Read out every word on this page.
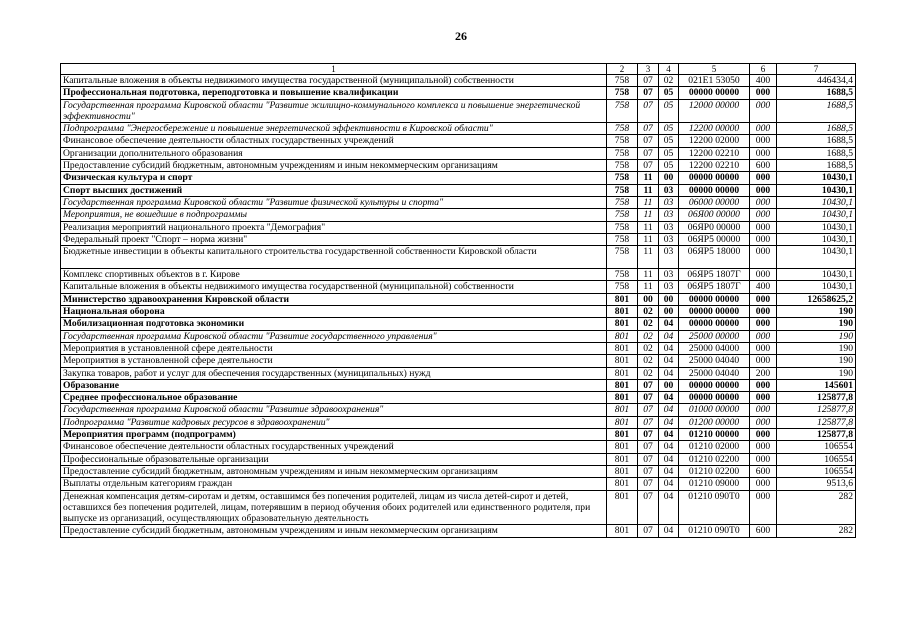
26
1	2	3	4	5	6	7
Капитальные вложения в объекты недвижимого имущества государственной (муниципальной) собственности	758	07	02	021E1 53050	400	446434,4
Профессиональная подготовка, переподготовка и повышение квалификации	758	07	05	00000 00000	000	1688,5
Государственная программа Кировской области "Развитие жилищно-коммунального комплекса и повышение энергетической эффективности"	758	07	05	12000 00000	000	1688,5
Подпрограмма "Энергосбережение и повышение энергетической эффективности в Кировской области"	758	07	05	12200 00000	000	1688,5
Финансовое обеспечение деятельности областных государственных учреждений	758	07	05	12200 02000	000	1688,5
Организации дополнительного образования	758	07	05	12200 02210	000	1688,5
Предоставление субсидий бюджетным, автономным учреждениям и иным некоммерческим организациям	758	07	05	12200 02210	600	1688,5
Физическая культура и спорт	758	11	00	00000 00000	000	10430,1
Спорт высших достижений	758	11	03	00000 00000	000	10430,1
Государственная программа Кировской области "Развитие физической культуры и спорта"	758	11	03	06000 00000	000	10430,1
Мероприятия, не вошедшие в подпрограммы	758	11	03	06Я00 00000	000	10430,1
Реализация мероприятий национального проекта "Демография"	758	11	03	06ЯР0 00000	000	10430,1
Федеральный проект "Спорт – норма жизни"	758	11	03	06ЯР5 00000	000	10430,1
Бюджетные инвестиции в объекты капитального строительства государственной собственности Кировской области	758	11	03	06ЯР5 18000	000	10430,1
Комплекс спортивных объектов в г. Кирове	758	11	03	06ЯР5 1807Г	000	10430,1
Капитальные вложения в объекты недвижимого имущества государственной (муниципальной) собственности	758	11	03	06ЯР5 1807Г	400	10430,1
Министерство здравоохранения Кировской области	801	00	00	00000 00000	000	12658625,2
Национальная оборона	801	02	00	00000 00000	000	190
Мобилизационная подготовка экономики	801	02	04	00000 00000	000	190
Государственная программа Кировской области "Развитие государственного управления"	801	02	04	25000 00000	000	190
Мероприятия в установленной сфере деятельности	801	02	04	25000 04000	000	190
Мероприятия в установленной сфере деятельности	801	02	04	25000 04040	000	190
Закупка товаров, работ и услуг для обеспечения государственных (муниципальных) нужд	801	02	04	25000 04040	200	190
Образование	801	07	00	00000 00000	000	145601
Среднее профессиональное образование	801	07	04	00000 00000	000	125877,8
Государственная программа Кировской области "Развитие здравоохранения"	801	07	04	01000 00000	000	125877,8
Подпрограмма "Развитие кадровых ресурсов в здравоохранении"	801	07	04	01200 00000	000	125877,8
Мероприятия программ (подпрограмм)	801	07	04	01210 00000	000	125877,8
Финансовое обеспечение деятельности областных государственных учреждений	801	07	04	01210 02000	000	106554
Профессиональные образовательные организации	801	07	04	01210 02200	000	106554
Предоставление субсидий бюджетным, автономным учреждениям и иным некоммерческим организациям	801	07	04	01210 02200	600	106554
Выплаты отдельным категориям граждан	801	07	04	01210 09000	000	9513,6
Денежная компенсация детям-сиротам и детям, оставшимся без попечения родителей, лицам из числа детей-сирот и детей, оставшихся без попечения родителей, лицам, потерявшим в период обучения обоих родителей или единственного родителя, при выпуске из организаций, осуществляющих образовательную деятельность	801	07	04	01210 090Т0	000	282
Предоставление субсидий бюджетным, автономным учреждениям и иным некоммерческим организациям	801	07	04	01210 090Т0	600	282
